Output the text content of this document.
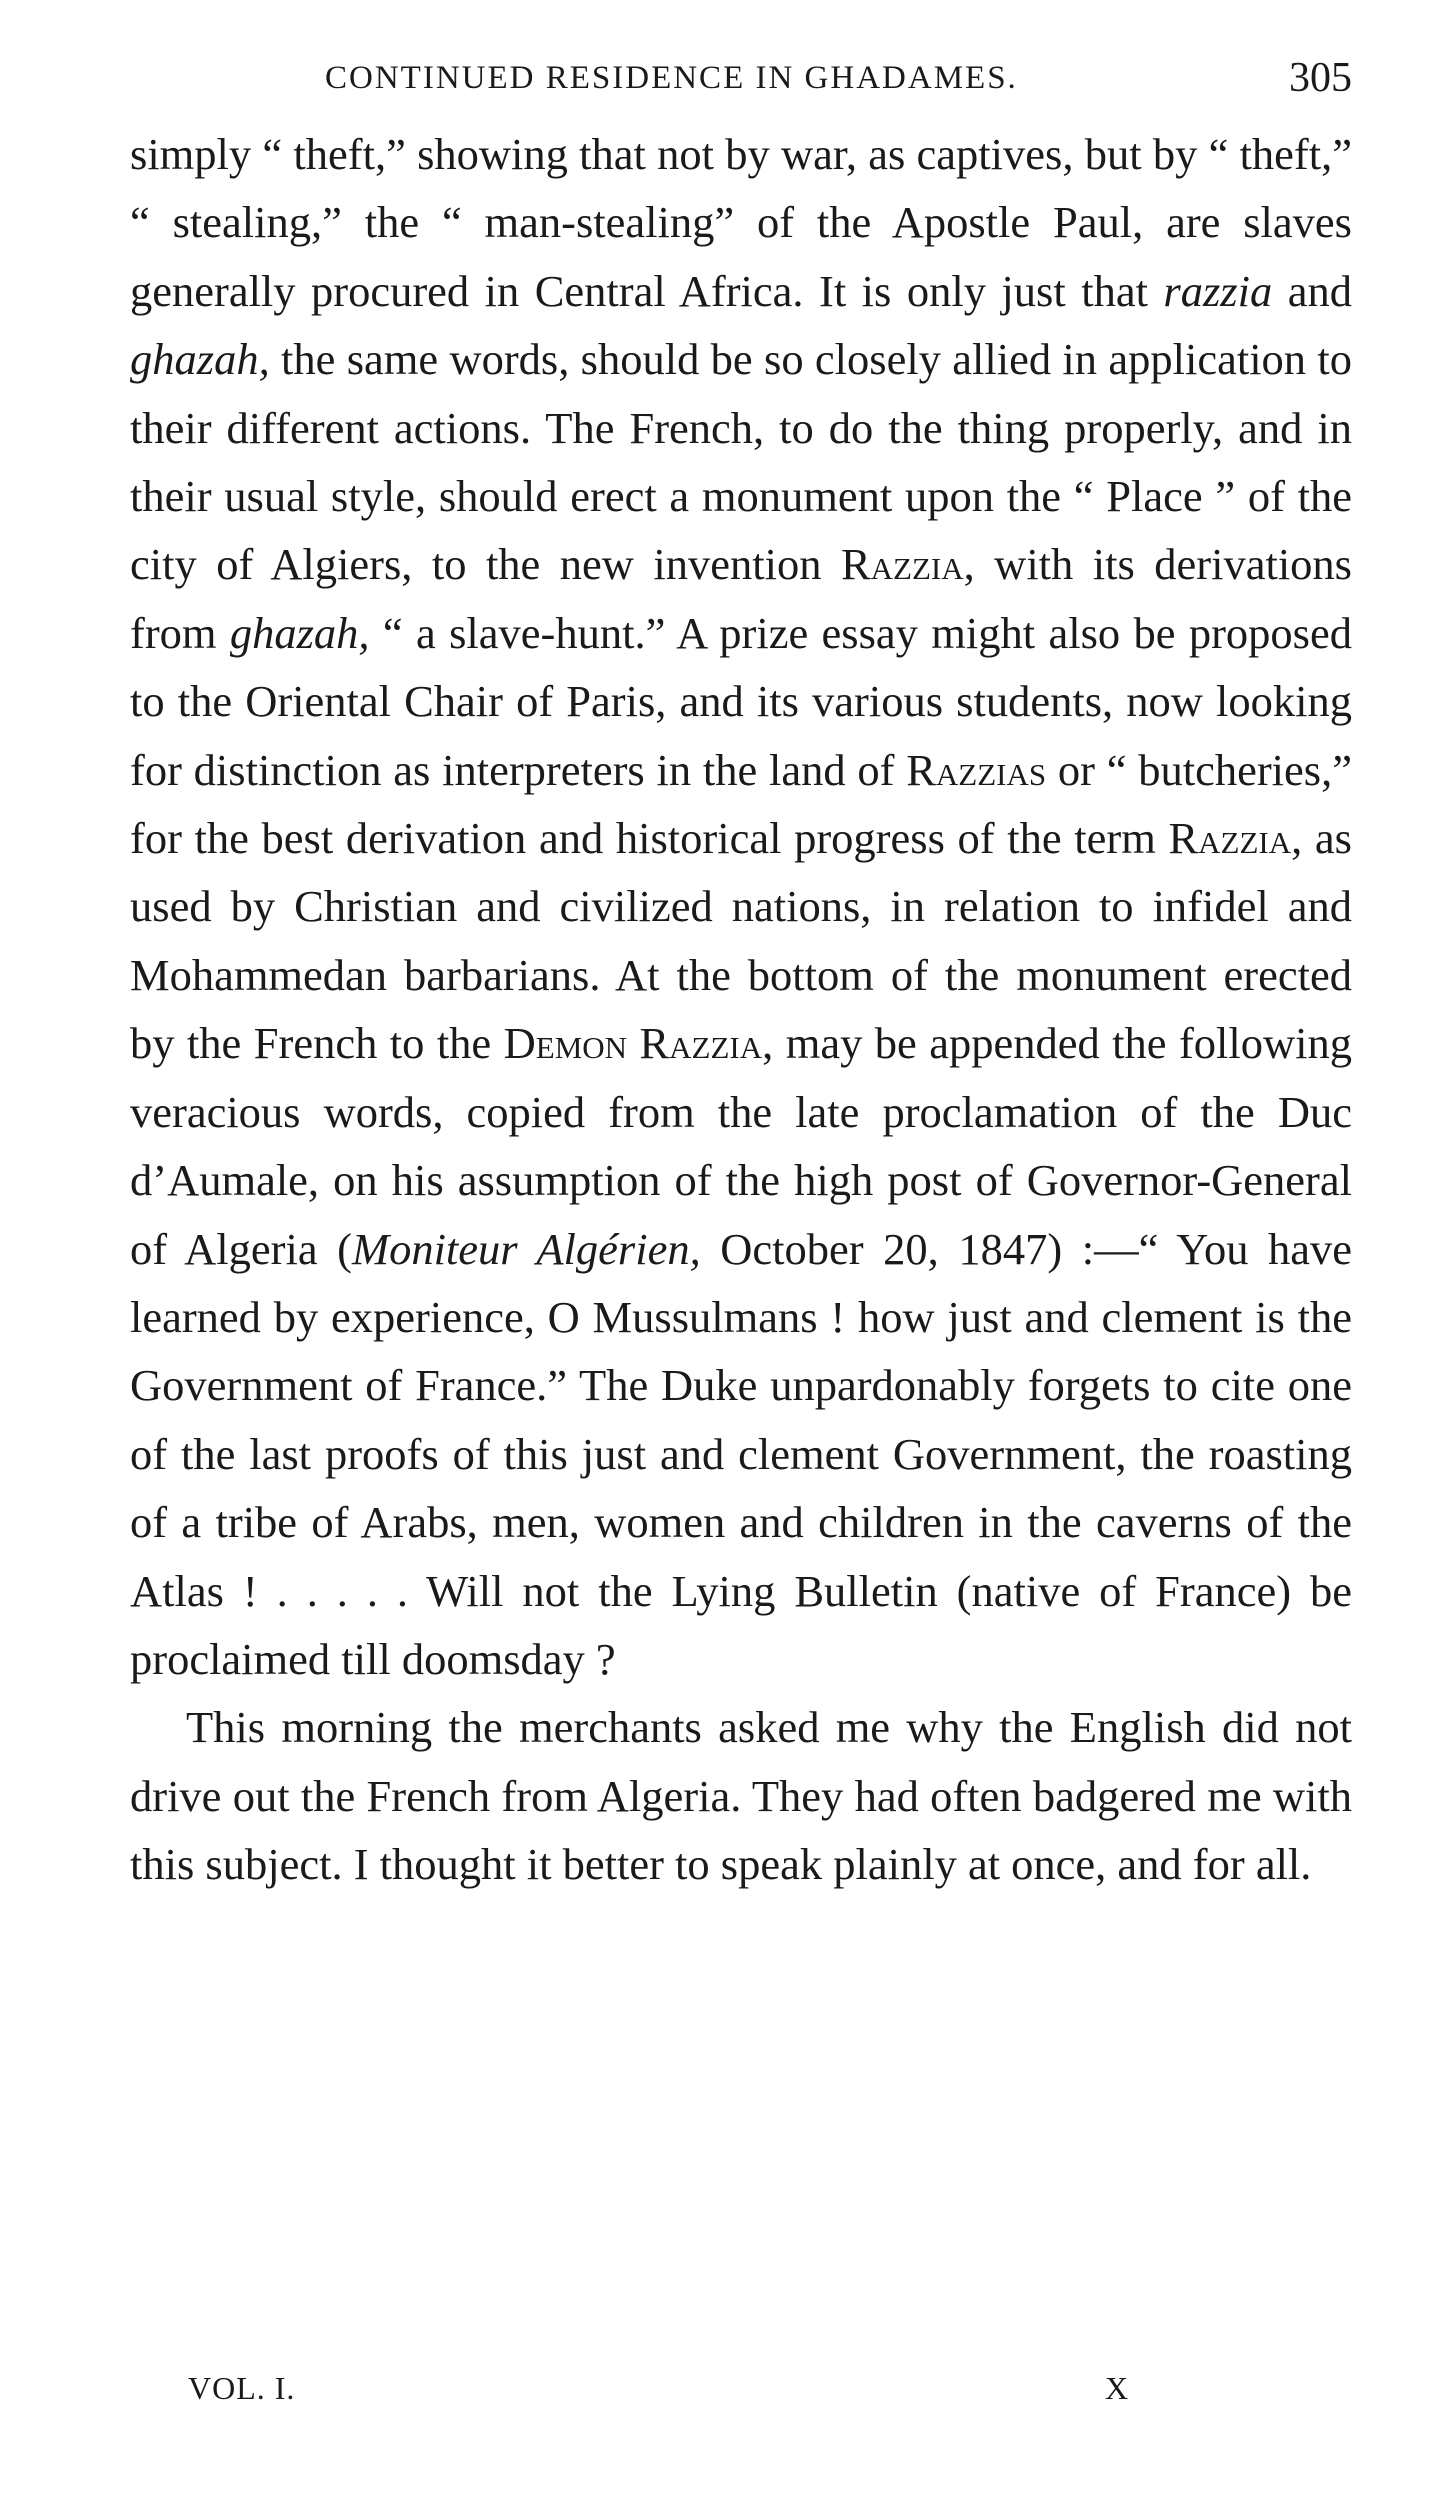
CONTINUED RESIDENCE IN GHADAMES.	305

simply “ theft,” showing that not by war, as captives, but by “ theft,” “ stealing,” the “ man-stealing” of the Apostle Paul, are slaves generally procured in Central Africa. It is only just that razzia and ghazah, the same words, should be so closely allied in application to their different actions. The French, to do the thing properly, and in their usual style, should erect a monument upon the “ Place ” of the city of Algiers, to the new invention Razzia, with its derivations from ghazah, “ a slave-hunt.” A prize essay might also be proposed to the Oriental Chair of Paris, and its various students, now looking for distinction as interpreters in the land of Razzias or “ butcheries,” for the best derivation and historical progress of the term Razzia, as used by Christian and civilized nations, in relation to infidel and Mohammedan barbarians. At the bottom of the monument erected by the French to the Demon Razzia, may be appended the following veracious words, copied from the late proclamation of the Duc d’Aumale, on his assumption of the high post of Governor-General of Algeria (Moniteur Algérien, October 20, 1847) :—“ You have learned by experience, O Mussulmans ! how just and clement is the Government of France.” The Duke unpardonably forgets to cite one of the last proofs of this just and clement Government, the roasting of a tribe of Arabs, men, women and children in the caverns of the Atlas ! . . . . . Will not the Lying Bulletin (native of France) be proclaimed till doomsday ?

This morning the merchants asked me why the English did not drive out the French from Algeria. They had often badgered me with this subject. I thought it better to speak plainly at once, and for all.

VOL. I.	X
